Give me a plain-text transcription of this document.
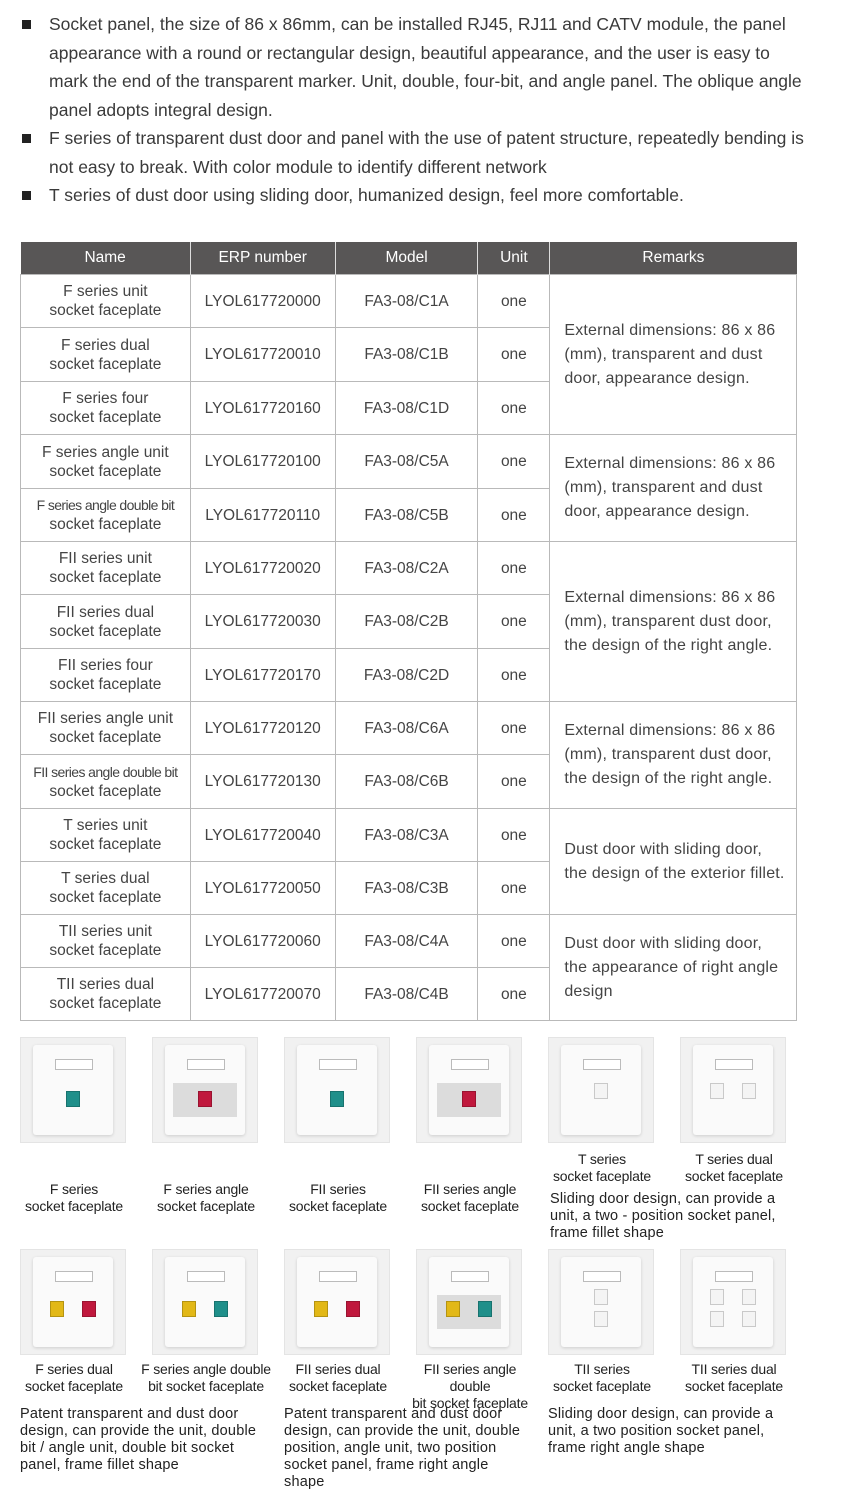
Socket panel, the size of 86 x 86mm, can be installed RJ45, RJ11 and CATV module, the panel appearance with a round or rectangular design, beautiful appearance, and the user is easy to mark the end of the transparent marker. Unit, double, four-bit, and angle panel. The oblique angle panel adopts integral design.
F series of transparent dust door and panel with the use of patent structure, repeatedly bending is not easy to break. With color module to identify different network
T series of dust door using sliding door, humanized design, feel more comfortable.
Name	ERP number	Model	Unit	Remarks

F series unit
socket faceplate	LYOL617720000	FA3-08/C1A	one	External dimensions: 86 x 86 (mm), transparent and dust door, appearance design.

F series dual
socket faceplate	LYOL617720010	FA3-08/C1B	one	

F series four
socket faceplate	LYOL617720160	FA3-08/C1D	one	

F series angle unit
socket faceplate	LYOL617720100	FA3-08/C5A	one	External dimensions: 86 x 86 (mm), transparent and dust door, appearance design.

F series angle double bit
socket faceplate	LYOL617720110	FA3-08/C5B	one	

FII series unit
socket faceplate	LYOL617720020	FA3-08/C2A	one	External dimensions: 86 x 86 (mm), transparent dust door, the design of the right angle.

FII series dual
socket faceplate	LYOL617720030	FA3-08/C2B	one	

FII series four
socket faceplate	LYOL617720170	FA3-08/C2D	one	

FII series angle unit
socket faceplate	LYOL617720120	FA3-08/C6A	one	External dimensions: 86 x 86 (mm), transparent dust door, the design of the right angle.

FII series angle double bit
socket faceplate	LYOL617720130	FA3-08/C6B	one	

T series unit
socket faceplate	LYOL617720040	FA3-08/C3A	one	Dust door with sliding door, the design of the exterior fillet.

T series dual
socket faceplate	LYOL617720050	FA3-08/C3B	one	

TII series unit
socket faceplate	LYOL617720060	FA3-08/C4A	one	Dust door with sliding door, the appearance of right angle design

TII series dual
socket faceplate	LYOL617720070	FA3-08/C4B	one	
F series
socket faceplate
F series angle
socket faceplate
FII series
socket faceplate
FII series angle
socket faceplate
T series
socket faceplate
T series dual
socket faceplate
F series dual
socket faceplate
F series angle double
bit socket faceplate
FII series dual
socket faceplate
FII series angle double
bit socket faceplate
TII series
socket faceplate
TII series dual
socket faceplate
Sliding door design, can provide a unit, a two - position socket panel, frame fillet shape
Patent transparent and dust door design, can provide the unit, double bit / angle unit, double bit socket panel, frame fillet shape
Patent transparent and dust door design, can provide the unit, double position, angle unit, two position socket panel, frame right angle shape
Sliding door design, can provide a unit, a two position socket panel, frame right angle shape
